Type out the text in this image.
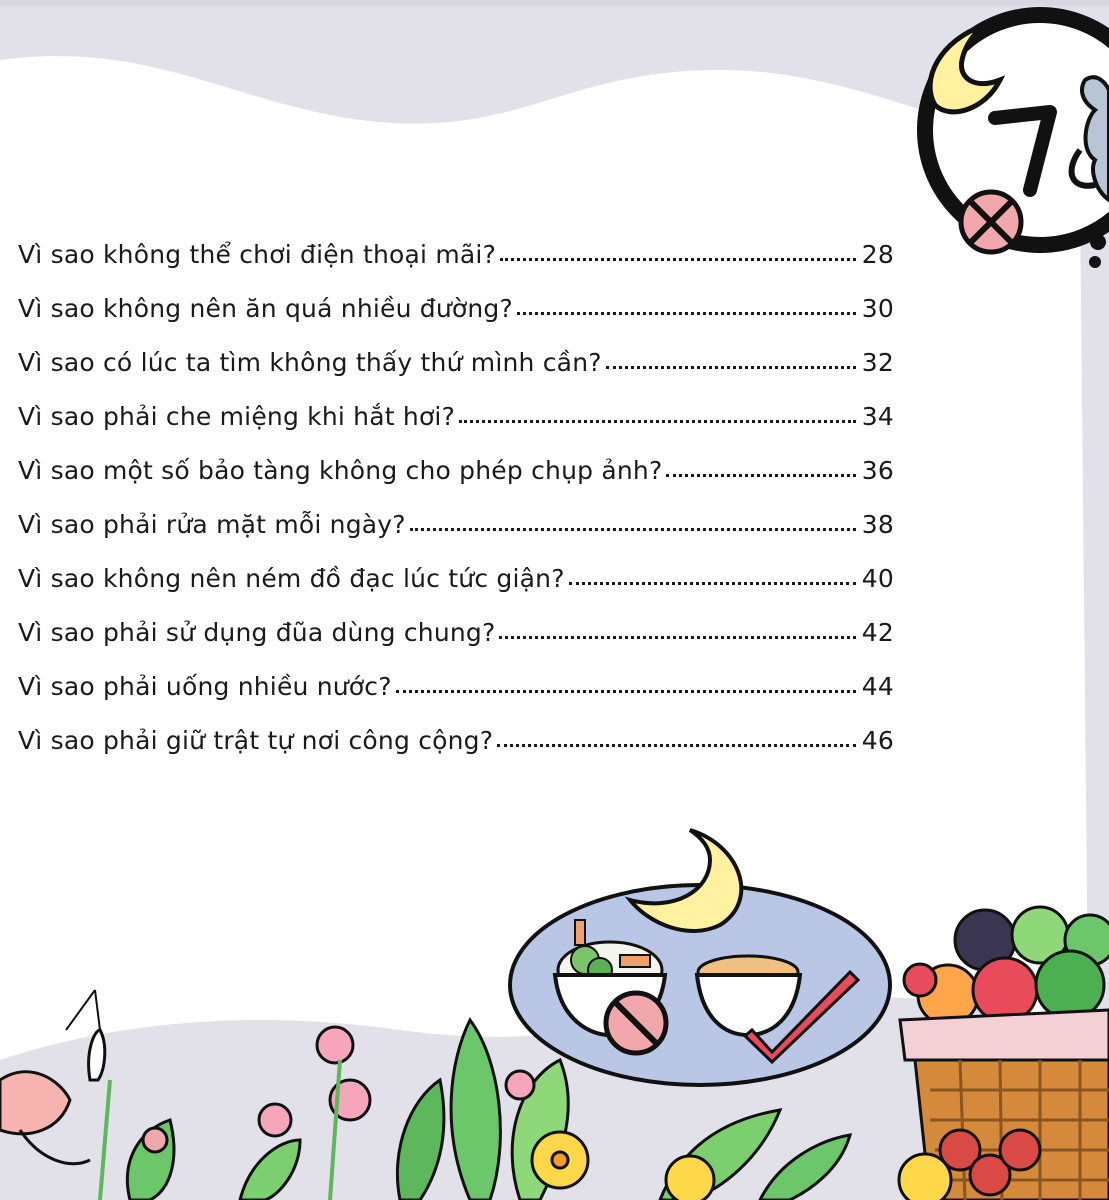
Vì sao không thể chơi điện thoại mãi?	28
Vì sao không nên ăn quá nhiều đường?	30
Vì sao có lúc ta tìm không thấy thứ mình cần?	32
Vì sao phải che miệng khi hắt hơi?	34
Vì sao một số bảo tàng không cho phép chụp ảnh?	36
Vì sao phải rửa mặt mỗi ngày?	38
Vì sao không nên ném đồ đạc lúc tức giận?	40
Vì sao phải sử dụng đũa dùng chung?	42
Vì sao phải uống nhiều nước?	44
Vì sao phải giữ trật tự nơi công cộng?	46
